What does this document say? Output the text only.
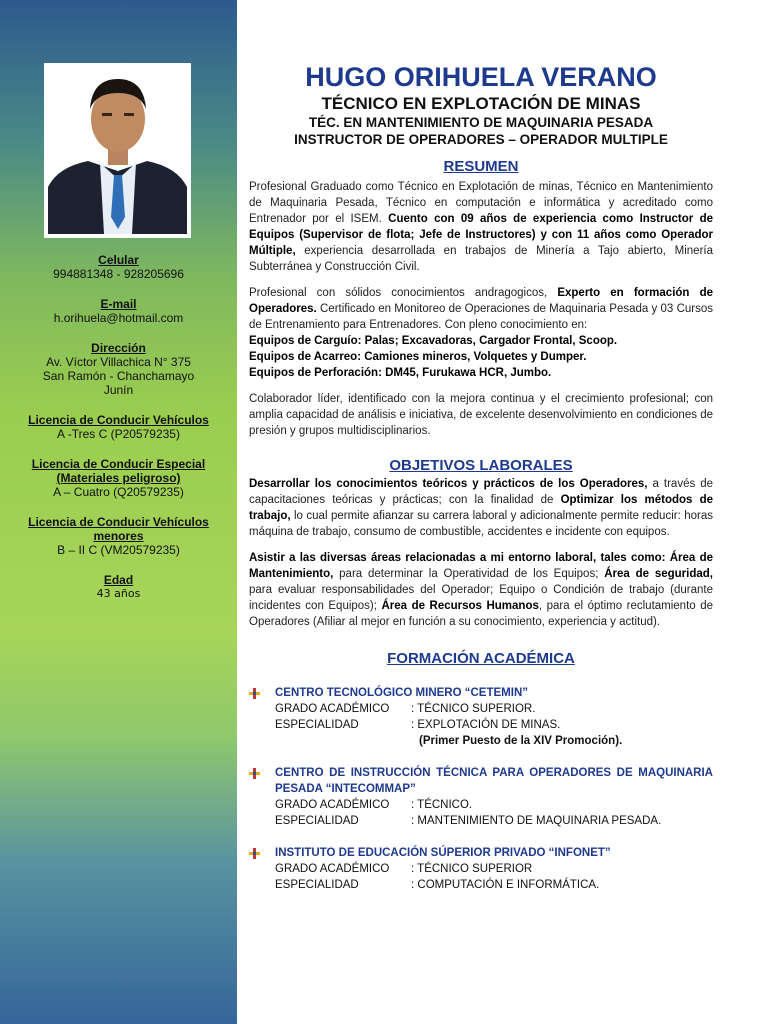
Celular
994881348 - 928205696
E-mail
h.orihuela@hotmail.com
Dirección
Av. Víctor Villachica N° 375
San Ramón - Chanchamayo
Junín
Licencia de Conducir Vehículos
A -Tres C (P20579235)
Licencia de Conducir Especial
(Materiales peligroso)
A – Cuatro (Q20579235)
Licencia de Conducir Vehículos
menores
B – II C (VM20579235)
Edad
43 años
HUGO ORIHUELA VERANO
TÉCNICO EN EXPLOTACIÓN DE MINAS
TÉC. EN MANTENIMIENTO DE MAQUINARIA PESADA
INSTRUCTOR DE OPERADORES – OPERADOR MULTIPLE
RESUMEN

Profesional Graduado como Técnico en Explotación de minas, Técnico en Mantenimiento de Maquinaria Pesada, Técnico en computación e informática y acreditado como Entrenador por el ISEM. Cuento con 09 años de experiencia como Instructor de Equipos (Supervisor de flota; Jefe de Instructores) y con 11 años como Operador Múltiple, experiencia desarrollada en trabajos de Minería a Tajo abierto, Minería Subterránea y Construcción Civil.

Profesional con sólidos conocimientos andragogicos, Experto en formación de Operadores. Certificado en Monitoreo de Operaciones de Maquinaria Pesada y 03 Cursos de Entrenamiento para Entrenadores. Con pleno conocimiento en:
Equipos de Carguío: Palas; Excavadoras, Cargador Frontal, Scoop.
Equipos de Acarreo: Camiones mineros, Volquetes y Dumper.
Equipos de Perforación: DM45, Furukawa HCR, Jumbo.

Colaborador líder, identificado con la mejora continua y el crecimiento profesional; con amplia capacidad de análisis e iniciativa, de excelente desenvolvimiento en condiciones de presión y grupos multidisciplinarios.

OBJETIVOS LABORALES

Desarrollar los conocimientos teóricos y prácticos de los Operadores, a través de capacitaciones teóricas y prácticas; con la finalidad de Optimizar los métodos de trabajo, lo cual permite afianzar su carrera laboral y adicionalmente permite reducir: horas máquina de trabajo, consumo de combustible, accidentes e incidente con equipos.

Asistir a las diversas áreas relacionadas a mi entorno laboral, tales como: Área de Mantenimiento, para determinar la Operatividad de los Equipos; Área de seguridad, para evaluar responsabilidades del Operador; Equipo o Condición de trabajo (durante incidentes con Equipos); Área de Recursos Humanos, para el óptimo reclutamiento de Operadores (Afiliar al mejor en función a su conocimiento, experiencia y actitud).

FORMACIÓN ACADÉMICA
CENTRO TECNOLÓGICO MINERO “CETEMIN”
GRADO ACADÉMICO	: TÉCNICO SUPERIOR.
ESPECIALIDAD	: EXPLOTACIÓN DE MINAS.
(Primer Puesto de la XIV Promoción).
CENTRO DE INSTRUCCIÓN TÉCNICA PARA OPERADORES DE MAQUINARIA PESADA “INTECOMMAP”
GRADO ACADÉMICO	: TÉCNICO.
ESPECIALIDAD	: MANTENIMIENTO DE MAQUINARIA PESADA.
INSTITUTO DE EDUCACIÓN SÚPERIOR PRIVADO “INFONET”
GRADO ACADÉMICO	: TÉCNICO SUPERIOR
ESPECIALIDAD	: COMPUTACIÓN E INFORMÁTICA.
